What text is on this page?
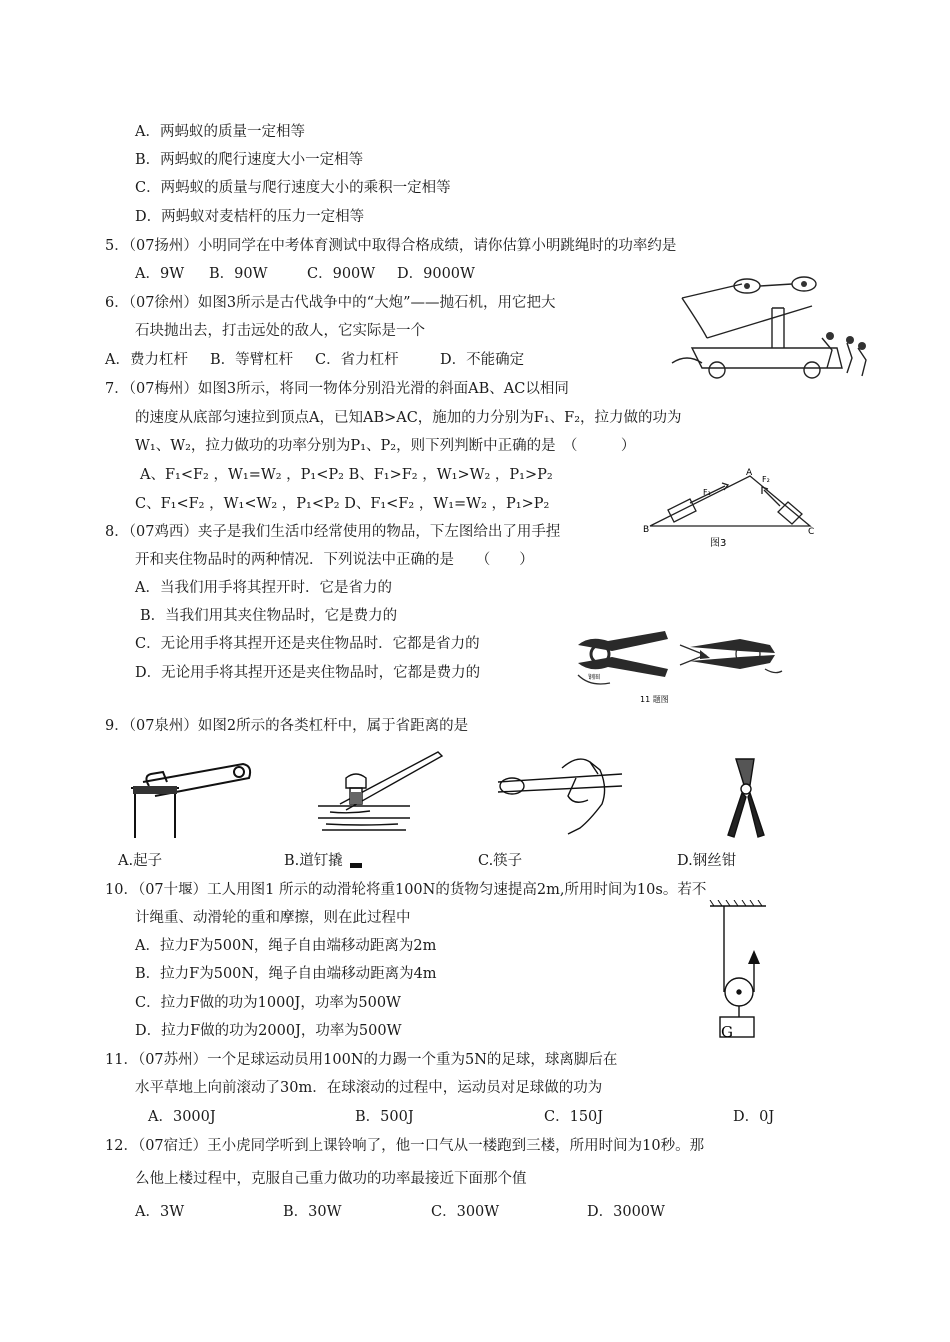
A．两蚂蚁的质量一定相等
B．两蚂蚁的爬行速度大小一定相等
C．两蚂蚁的质量与爬行速度大小的乘积一定相等
D．两蚂蚁对麦桔杆的压力一定相等
5．（07扬州）小明同学在中考体育测试中取得合格成绩，请你估算小明跳绳时的功率约是
A．9W B．90W	C．900W D．9000W
6．（07徐州）如图3所示是古代战争中的“大炮”——抛石机，用它把大
石块抛出去，打击远处的敌人，它实际是一个
A．费力杠杆 B．等臂杠杆 C．省力杠杆	D．不能确定
7．（07梅州）如图3所示，将同一物体分别沿光滑的斜面AB、AC以相同
的速度从底部匀速拉到顶点A，已知AB>AC，施加的力分别为F₁、F₂，拉力做的功为
W₁、W₂，拉力做功的功率分别为P₁、P₂，则下列判断中正确的是　（　　　）
A、F₁<F₂ ，W₁=W₂ ，P₁<P₂ B、F₁>F₂ ，W₁>W₂ ，P₁>P₂
C、F₁<F₂ ，W₁<W₂ ，P₁<P₂ D、F₁<F₂ ，W₁=W₂ ，P₁>P₂
B
A
C
F₁
F₂
图3
8．（07鸡西）夹子是我们生活巾经常使用的物品，下左图给出了用手捏
开和夹住物品时的两种情况．下列说法中正确的是　　（　　）
A．当我们用手将其捏开时．它是省力的
B．当我们用其夹住物品时，它是费力的
C．无论用手将其捏开还是夹住物品时．它都是省力的
D．无论用手将其捏开还是夹住物品时，它都是费力的	钢圈
11 题图
9．（07泉州）如图2所示的各类杠杆中，属于省距离的是
A.起子	B.道钉撬	C.筷子	D.钢丝钳
10．（07十堰）工人用图1 所示的动滑轮将重100N的货物匀速提高2m,所用时间为10s。若不
计绳重、动滑轮的重和摩擦，则在此过程中
A．拉力F为500N，绳子自由端移动距离为2m
B．拉力F为500N，绳子自由端移动距离为4m
C．拉力F做的功为1000J，功率为500W
D．拉力F做的功为2000J，功率为500W	G
11．（07苏州）一个足球运动员用100N的力踢一个重为5N的足球，球离脚后在
水平草地上向前滚动了30m．在球滚动的过程中，运动员对足球做的功为
A．3000J	B．500J	C．150J	D．0J
12．（07宿迁）王小虎同学听到上课铃响了，他一口气从一楼跑到三楼，所用时间为10秒。那
么他上楼过程中，克服自己重力做功的功率最接近下面那个值
A．3W	B．30W	C．300W	D．3000W
